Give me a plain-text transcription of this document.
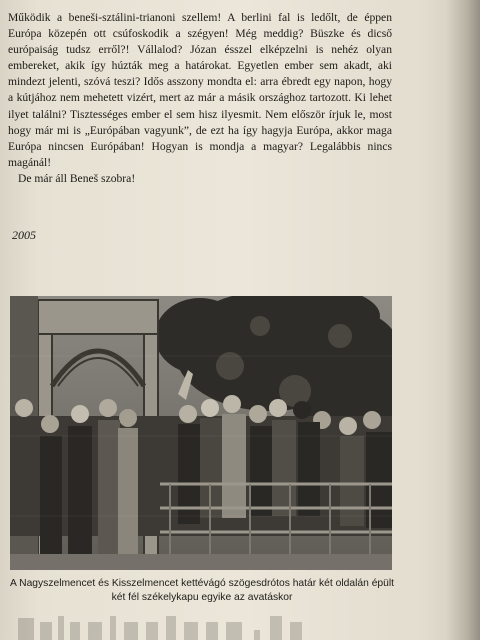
Működik a beneši-sztálini-trianoni szellem! A berlini fal is ledőlt, de éppen Európa közepén ott csúfoskodik a szégyen! Még meddig? Büszke és dicső európaiság tudsz erről?! Vállalod? Józan ésszel elképzelni is nehéz olyan embereket, akik így húzták meg a határokat. Egyetlen ember sem akadt, aki mindezt jelenti, szóvá teszi? Idős asszony mondta el: arra ébredt egy napon, hogy a kútjához nem mehetett vizért, mert az már a másik országhoz tartozott. Ki lehet ilyet találni? Tisztességes ember el sem hisz ilyesmit. Nem először írjuk le, most hogy már mi is „Európában vagyunk”, de ezt ha így hagyja Európa, akkor maga Európa nincsen Európában! Hogyan is mondja a magyar? Legalábbis nincs magánál!

De már áll Beneš szobra!

2005
A Nagyszelmencet és Kisszelmencet kettévágó szögesdrótos határ két oldalán épült két fél székelykapu egyike az avatáskor
